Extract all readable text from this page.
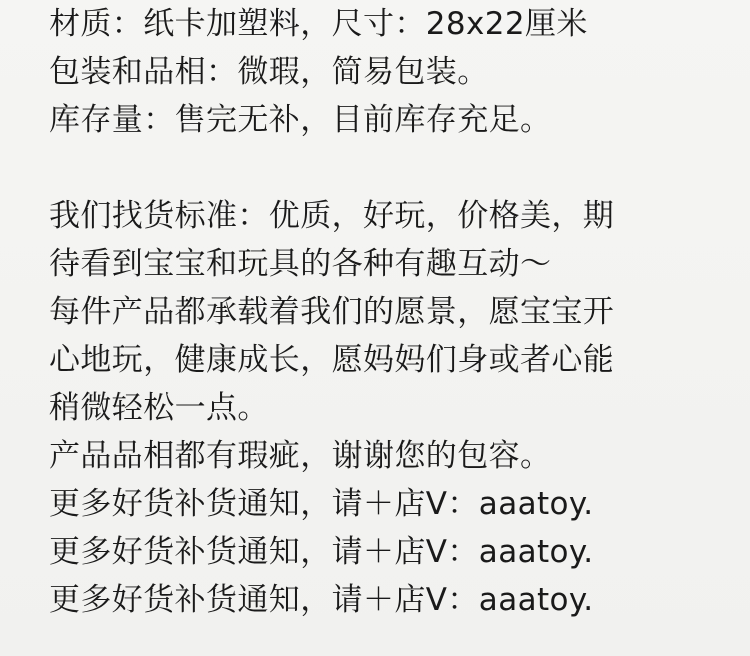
材质：纸卡加塑料，尺寸：28x22厘米

包装和品相：微瑕，简易包装。

库存量：售完无补，目前库存充足。

我们找货标准：优质，好玩，价格美，期

待看到宝宝和玩具的各种有趣互动～

每件产品都承载着我们的愿景，愿宝宝开

心地玩，健康成长，愿妈妈们身或者心能

稍微轻松一点。

产品品相都有瑕疵，谢谢您的包容。

更多好货补货通知，请＋店V：aaatoy.

更多好货补货通知，请＋店V：aaatoy.

更多好货补货通知，请＋店V：aaatoy.
